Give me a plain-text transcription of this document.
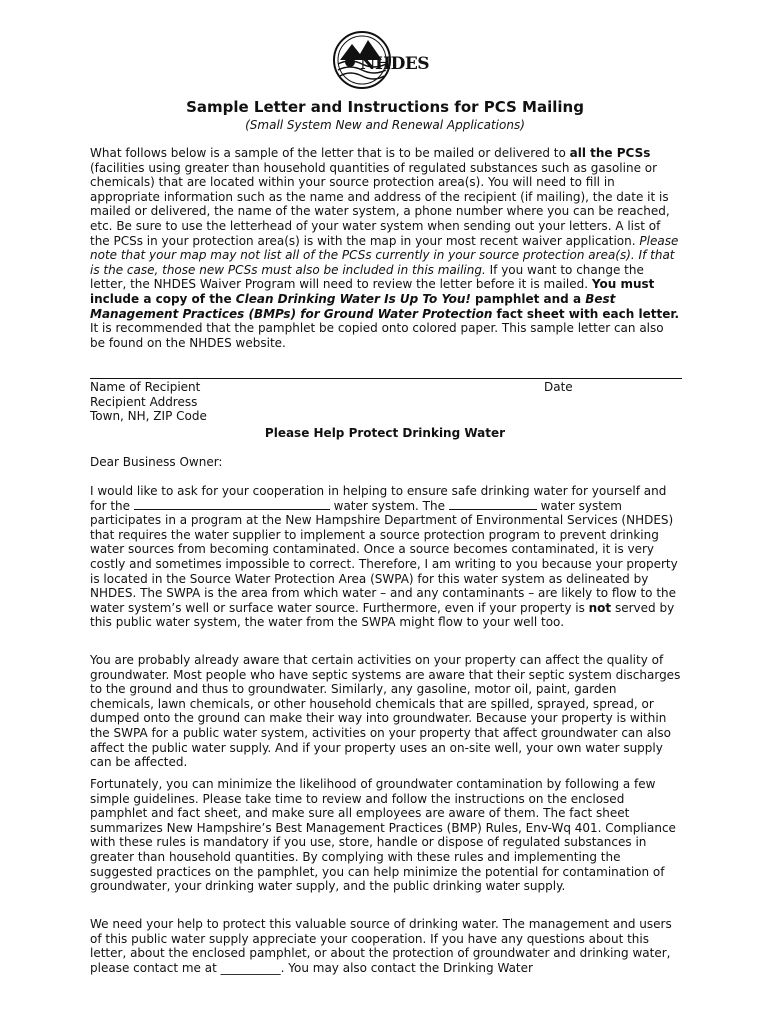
NHDES
Sample Letter and Instructions for PCS Mailing
(Small System New and Renewal Applications)

What follows below is a sample of the letter that is to be mailed or delivered to all the PCSs (facilities using greater than household quantities of regulated substances such as gasoline or chemicals) that are located within your source protection area(s). You will need to fill in appropriate information such as the name and address of the recipient (if mailing), the date it is mailed or delivered, the name of the water system, a phone number where you can be reached, etc. Be sure to use the letterhead of your water system when sending out your letters. A list of the PCSs in your protection area(s) is with the map in your most recent waiver application. Please note that your map may not list all of the PCSs currently in your source protection area(s). If that is the case, those new PCSs must also be included in this mailing. If you want to change the letter, the NHDES Waiver Program will need to review the letter before it is mailed. You must include a copy of the Clean Drinking Water Is Up To You! pamphlet and a Best Management Practices (BMPs) for Ground Water Protection fact sheet with each letter. It is recommended that the pamphlet be copied onto colored paper. This sample letter can also be found on the NHDES website.

Name of Recipient
Recipient Address
Town, NH, ZIP Code
Date
Please Help Protect Drinking Water
Dear Business Owner:

I would like to ask for your cooperation in helping to ensure safe drinking water for yourself and for the	water system. The	water system participates in a program at the New Hampshire Department of Environmental Services (NHDES) that requires the water supplier to implement a source protection program to prevent drinking water sources from becoming contaminated. Once a source becomes contaminated, it is very costly and sometimes impossible to correct. Therefore, I am writing to you because your property is located in the Source Water Protection Area (SWPA) for this water system as delineated by NHDES. The SWPA is the area from which water – and any contaminants – are likely to flow to the water system’s well or surface water source. Furthermore, even if your property is not served by this public water system, the water from the SWPA might flow to your well too.

You are probably already aware that certain activities on your property can affect the quality of groundwater. Most people who have septic systems are aware that their septic system discharges to the ground and thus to groundwater. Similarly, any gasoline, motor oil, paint, garden chemicals, lawn chemicals, or other household chemicals that are spilled, sprayed, spread, or dumped onto the ground can make their way into groundwater. Because your property is within the SWPA for a public water system, activities on your property that affect groundwater can also affect the public water supply. And if your property uses an on-site well, your own water supply can be affected.

Fortunately, you can minimize the likelihood of groundwater contamination by following a few simple guidelines. Please take time to review and follow the instructions on the enclosed pamphlet and fact sheet, and make sure all employees are aware of them. The fact sheet summarizes New Hampshire’s Best Management Practices (BMP) Rules, Env-Wq 401. Compliance with these rules is mandatory if you use, store, handle or dispose of regulated substances in greater than household quantities. By complying with these rules and implementing the suggested practices on the pamphlet, you can help minimize the potential for contamination of groundwater, your drinking water supply, and the public drinking water supply.

We need your help to protect this valuable source of drinking water. The management and users of this public water supply appreciate your cooperation. If you have any questions about this letter, about the enclosed pamphlet, or about the protection of groundwater and drinking water, please contact me at __________. You may also contact the Drinking Water
